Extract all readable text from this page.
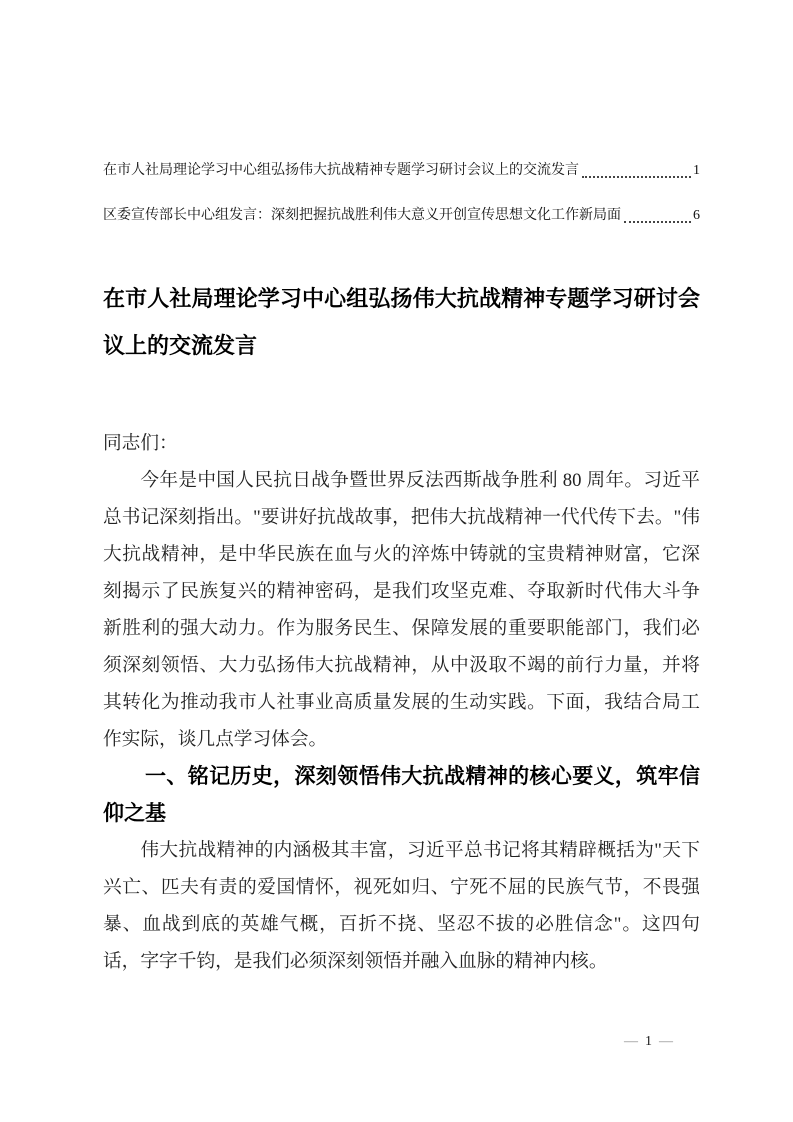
在市人社局理论学习中心组弘扬伟大抗战精神专题学习研讨会议上的交流发言	1
区委宣传部长中心组发言：深刻把握抗战胜利伟大意义开创宣传思想文化工作新局面	6
在市人社局理论学习中心组弘扬伟大抗战精神专题学习研讨会议上的交流发言

同志们：

今年是中国人民抗日战争暨世界反法西斯战争胜利 80 周年。习近平总书记深刻指出。"要讲好抗战故事，把伟大抗战精神一代代传下去。"伟大抗战精神，是中华民族在血与火的淬炼中铸就的宝贵精神财富，它深刻揭示了民族复兴的精神密码，是我们攻坚克难、夺取新时代伟大斗争新胜利的强大动力。作为服务民生、保障发展的重要职能部门，我们必须深刻领悟、大力弘扬伟大抗战精神，从中汲取不竭的前行力量，并将其转化为推动我市人社事业高质量发展的生动实践。下面，我结合局工作实际，谈几点学习体会。

一、铭记历史，深刻领悟伟大抗战精神的核心要义，筑牢信仰之基

伟大抗战精神的内涵极其丰富，习近平总书记将其精辟概括为"天下兴亡、匹夫有责的爱国情怀，视死如归、宁死不屈的民族气节，不畏强暴、血战到底的英雄气概，百折不挠、坚忍不拔的必胜信念"。这四句话，字字千钧，是我们必须深刻领悟并融入血脉的精神内核。

— 1 —
